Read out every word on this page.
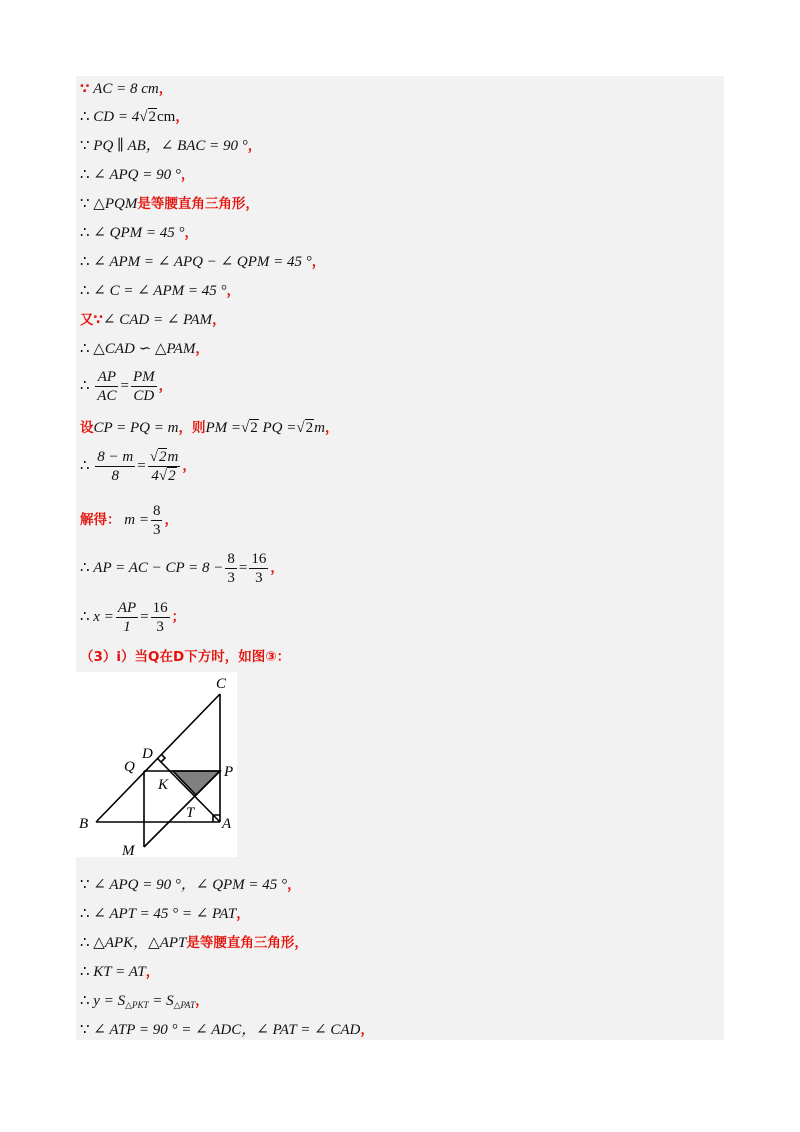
∵ AC = 8 cm，
∴ CD = 4√2cm，
∵ PQ ∥ AB，∠ BAC = 90 °，
∴ ∠ APQ = 90 °，
∵ △PQM是等腰直角三角形，
∴ ∠ QPM = 45 °，
∴ ∠ APM = ∠ APQ − ∠ QPM = 45 °，
∴ ∠ C = ∠ APM = 45 °，
又∵∠ CAD = ∠ PAM，
∴ △CAD ∽ △PAM，
∴ $\frac{AP}{AC} = \frac{PM}{CD}$ ，
设CP = PQ = m，则PM =√2 PQ =√2m，
∴ $\frac{8 - m}{8} = \frac{√2m}{4√2}$ ，
解得： $m = \frac{8}{3}$ ，
∴ AP = AC − CP = $8 - \frac{8}{3} = \frac{16}{3}$ ，
∴ $x = \frac{AP}{1} = \frac{16}{3}$ ；
（3）i）当Q在D下方时，如图③：
C
D
Q	P
K
T
B	A
M
∵ ∠ APQ = 90 °，∠ QPM = 45 °，
∴ ∠ APT = 45 ° = ∠ PAT，
∴ △APK，△APT是等腰直角三角形，
∴ KT = AT，
∴ $y = S_{\triangle PKT} = S_{\triangle PAT}$，
∵ ∠ ATP = 90 ° = ∠ ADC，∠ PAT = ∠ CAD，
